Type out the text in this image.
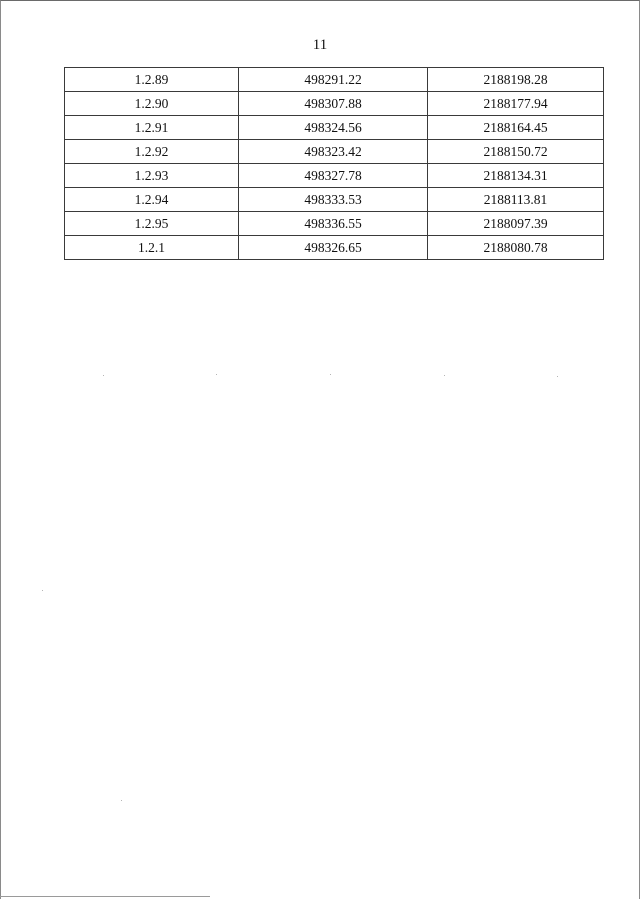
11
1.2.89	498291.22	2188198.28
1.2.90	498307.88	2188177.94
1.2.91	498324.56	2188164.45
1.2.92	498323.42	2188150.72
1.2.93	498327.78	2188134.31
1.2.94	498333.53	2188113.81
1.2.95	498336.55	2188097.39
1.2.1	498326.65	2188080.78
